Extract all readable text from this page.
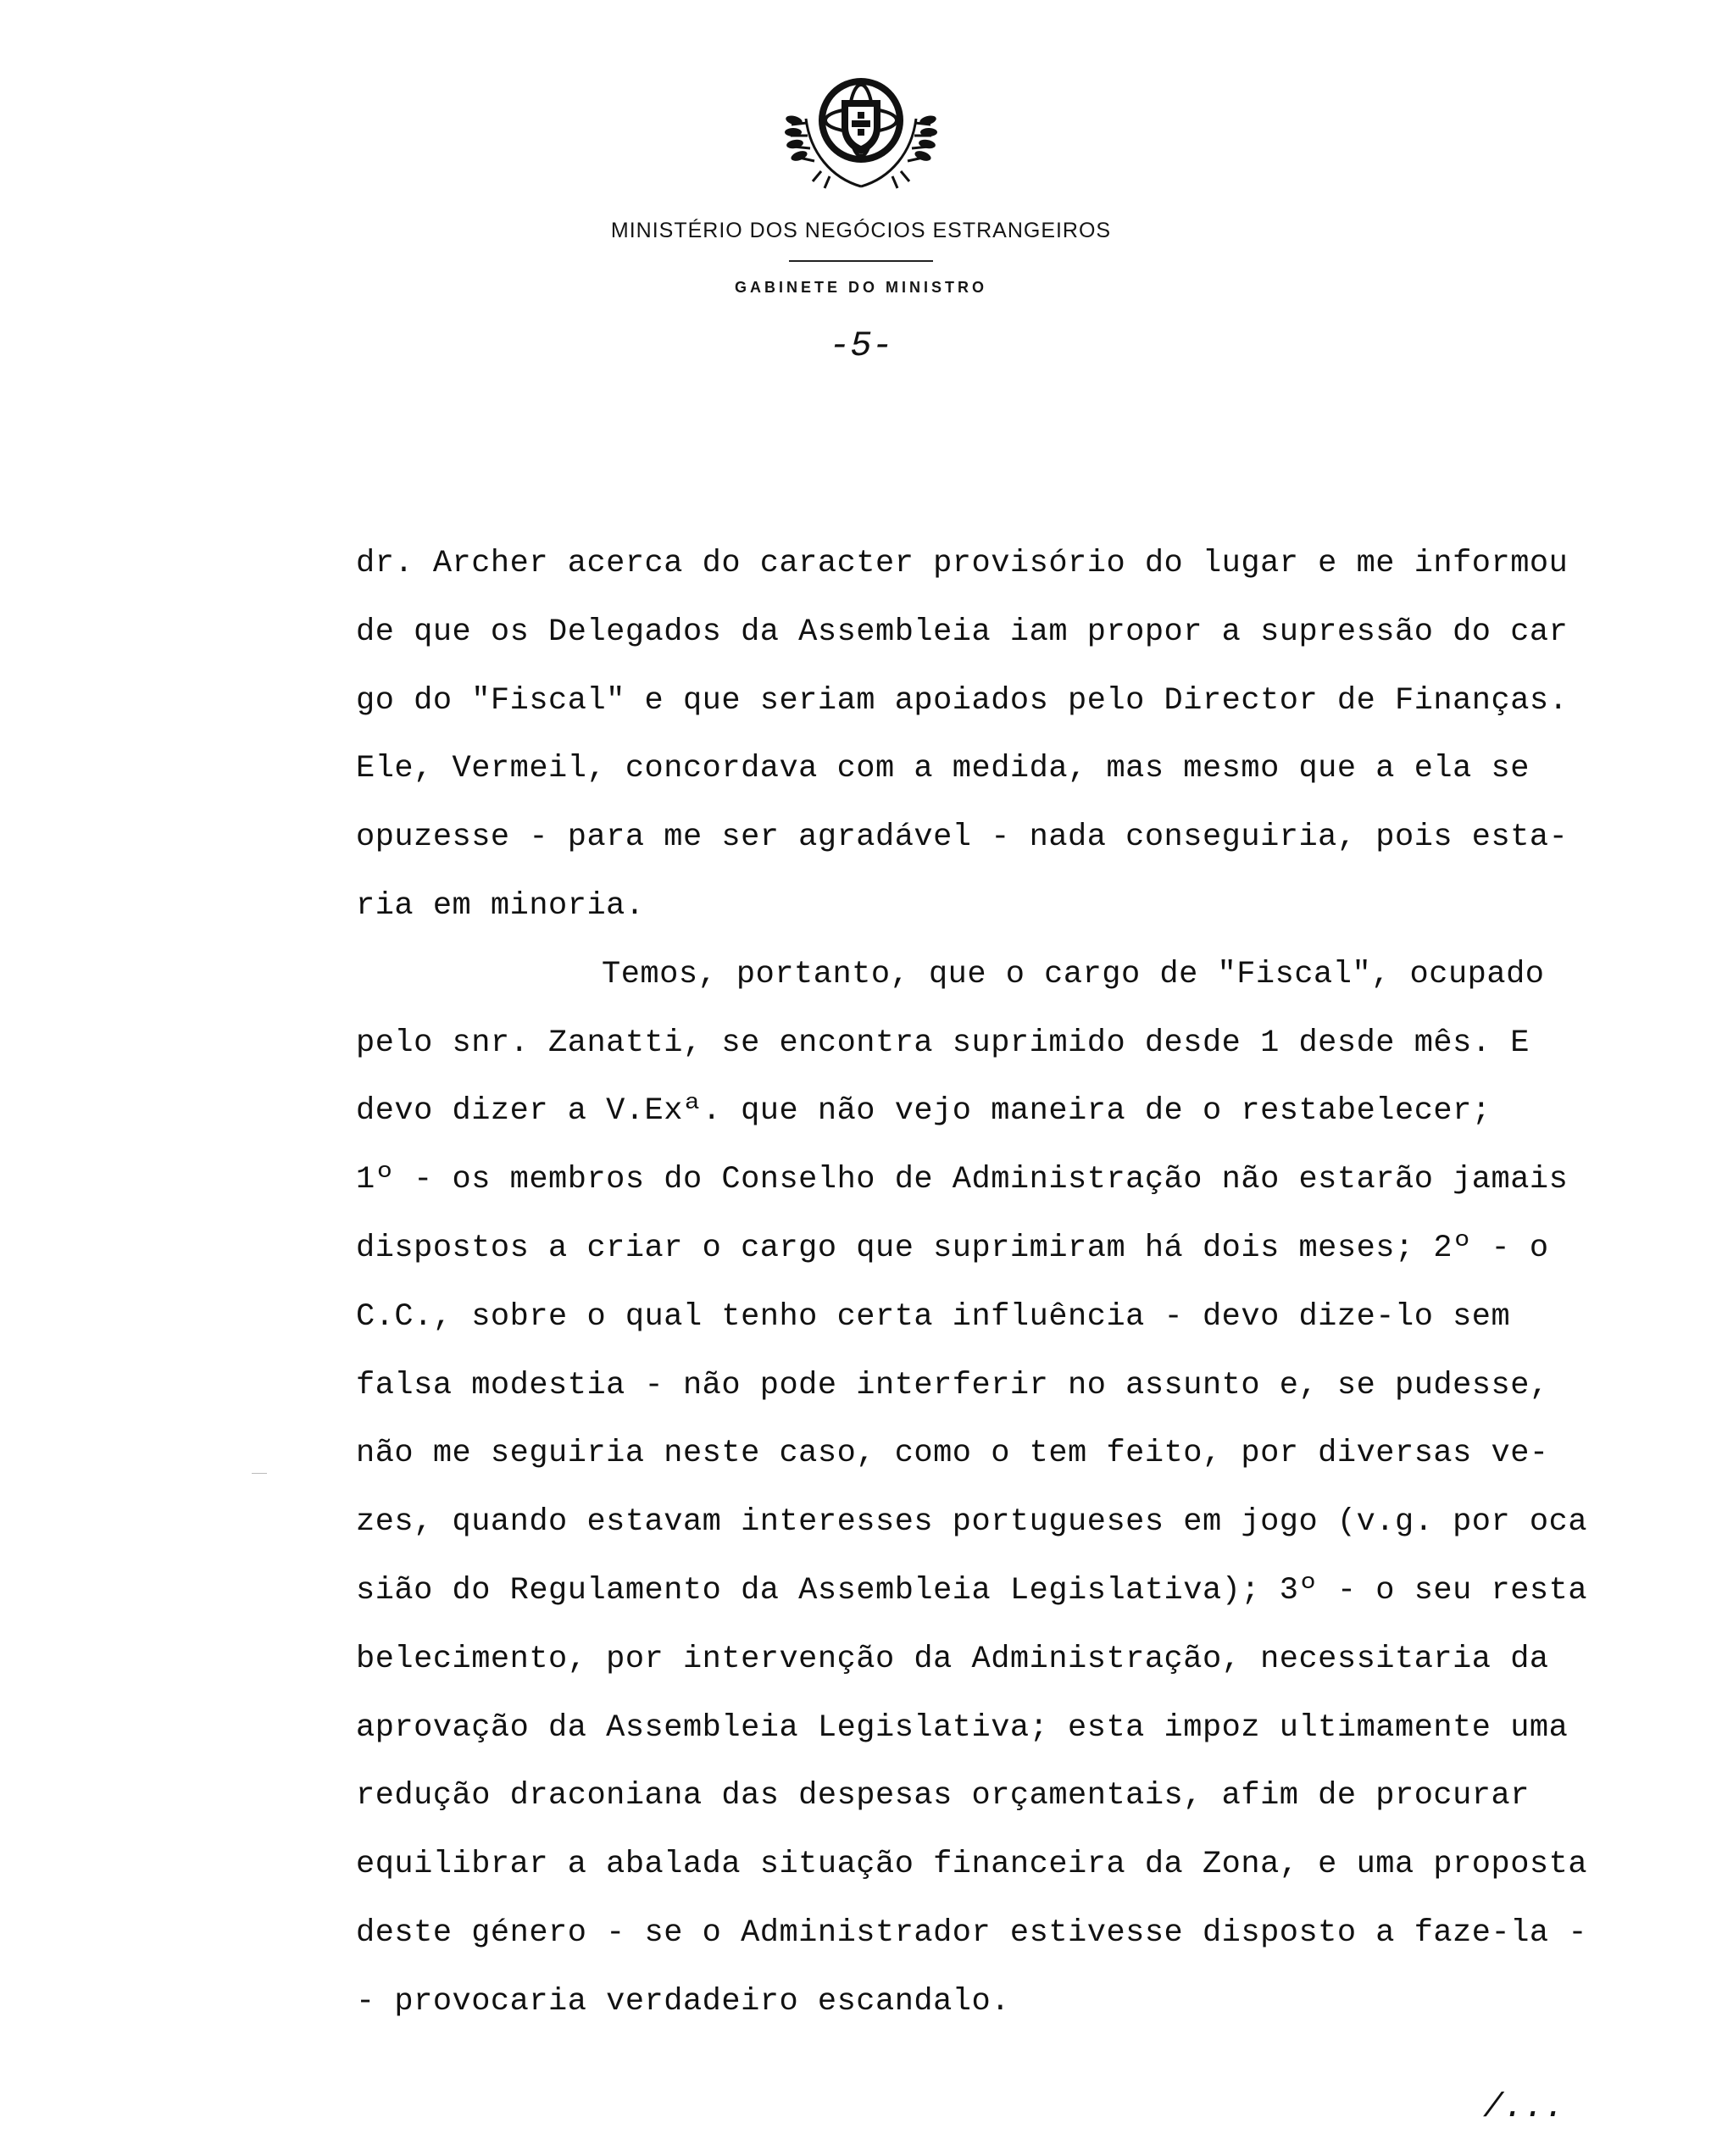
MINISTÉRIO DOS NEGÓCIOS ESTRANGEIROS
GABINETE DO MINISTRO
-5-
dr. Archer acerca do caracter provisório do lugar e me informou
de que os Delegados da Assembleia iam propor a supressão do car
go do "Fiscal" e que seriam apoiados pelo Director de Finanças.
Ele, Vermeil, concordava com a medida, mas mesmo que a ela se
opuzesse - para me ser agradável - nada conseguiria, pois esta-
ria em minoria.
Temos, portanto, que o cargo de "Fiscal", ocupado
pelo snr. Zanatti, se encontra suprimido desde 1 desde mês. E
devo dizer a V.Exª. que não vejo maneira de o restabelecer;
1º - os membros do Conselho de Administração não estarão jamais
dispostos a criar o cargo que suprimiram há dois meses; 2º - o
C.C., sobre o qual tenho certa influência - devo dize-lo sem
falsa modestia - não pode interferir no assunto e, se pudesse,
não me seguiria neste caso, como o tem feito, por diversas ve-
zes, quando estavam interesses portugueses em jogo (v.g. por oca
sião do Regulamento da Assembleia Legislativa); 3º - o seu resta
belecimento, por intervenção da Administração, necessitaria da
aprovação da Assembleia Legislativa; esta impoz ultimamente uma
redução draconiana das despesas orçamentais, afim de procurar
equilibrar a abalada situação financeira da Zona, e uma proposta
deste género - se o Administrador estivesse disposto a faze-la -
- provocaria verdadeiro escandalo.
/...
